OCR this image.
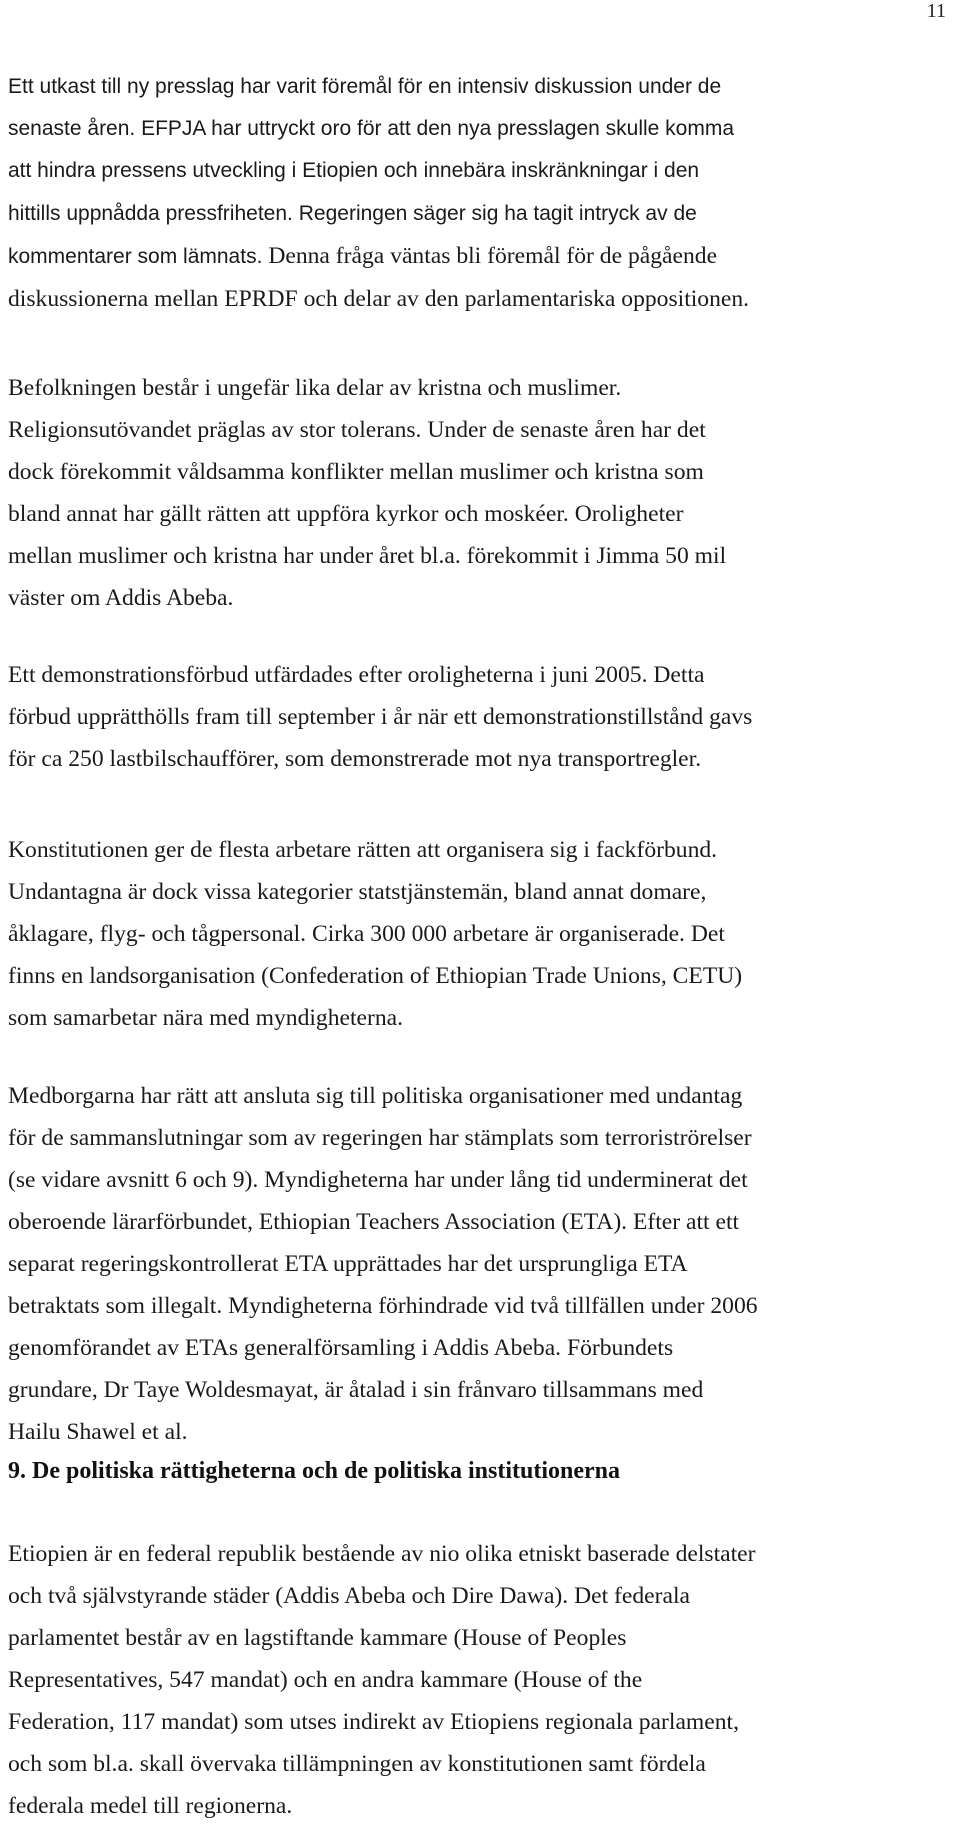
11
Ett utkast till ny presslag har varit föremål för en intensiv diskussion under de
senaste åren. EFPJA har uttryckt oro för att den nya presslagen skulle komma
att hindra pressens utveckling i Etiopien och innebära inskränkningar i den
hittills uppnådda pressfriheten. Regeringen säger sig ha tagit intryck av de
kommentarer som lämnats. Denna fråga väntas bli föremål för de pågående
diskussionerna mellan EPRDF och delar av den parlamentariska oppositionen.
Befolkningen består i ungefär lika delar av kristna och muslimer.
Religionsutövandet präglas av stor tolerans. Under de senaste åren har det
dock förekommit våldsamma konflikter mellan muslimer och kristna som
bland annat har gällt rätten att uppföra kyrkor och moskéer. Oroligheter
mellan muslimer och kristna har under året bl.a. förekommit i Jimma 50 mil
väster om Addis Abeba.
Ett demonstrationsförbud utfärdades efter oroligheterna i juni 2005. Detta
förbud upprätthölls fram till september i år när ett demonstrationstillstånd gavs
för ca 250 lastbilschaufförer, som demonstrerade mot nya transportregler.
Konstitutionen ger de flesta arbetare rätten att organisera sig i fackförbund.
Undantagna är dock vissa kategorier statstjänstemän, bland annat domare,
åklagare, flyg- och tågpersonal. Cirka 300 000 arbetare är organiserade. Det
finns en landsorganisation (Confederation of Ethiopian Trade Unions, CETU)
som samarbetar nära med myndigheterna.
Medborgarna har rätt att ansluta sig till politiska organisationer med undantag
för de sammanslutningar som av regeringen har stämplats som terroriströrelser
(se vidare avsnitt 6 och 9). Myndigheterna har under lång tid underminerat det
oberoende lärarförbundet, Ethiopian Teachers Association (ETA). Efter att ett
separat regeringskontrollerat ETA upprättades har det ursprungliga ETA
betraktats som illegalt. Myndigheterna förhindrade vid två tillfällen under 2006
genomförandet av ETAs generalförsamling i Addis Abeba. Förbundets
grundare, Dr Taye Woldesmayat, är åtalad i sin frånvaro tillsammans med
Hailu Shawel et al.
9. De politiska rättigheterna och de politiska institutionerna
Etiopien är en federal republik bestående av nio olika etniskt baserade delstater
och två självstyrande städer (Addis Abeba och Dire Dawa). Det federala
parlamentet består av en lagstiftande kammare (House of Peoples
Representatives, 547 mandat) och en andra kammare (House of the
Federation, 117 mandat) som utses indirekt av Etiopiens regionala parlament,
och som bl.a. skall övervaka tillämpningen av konstitutionen samt fördela
federala medel till regionerna.
